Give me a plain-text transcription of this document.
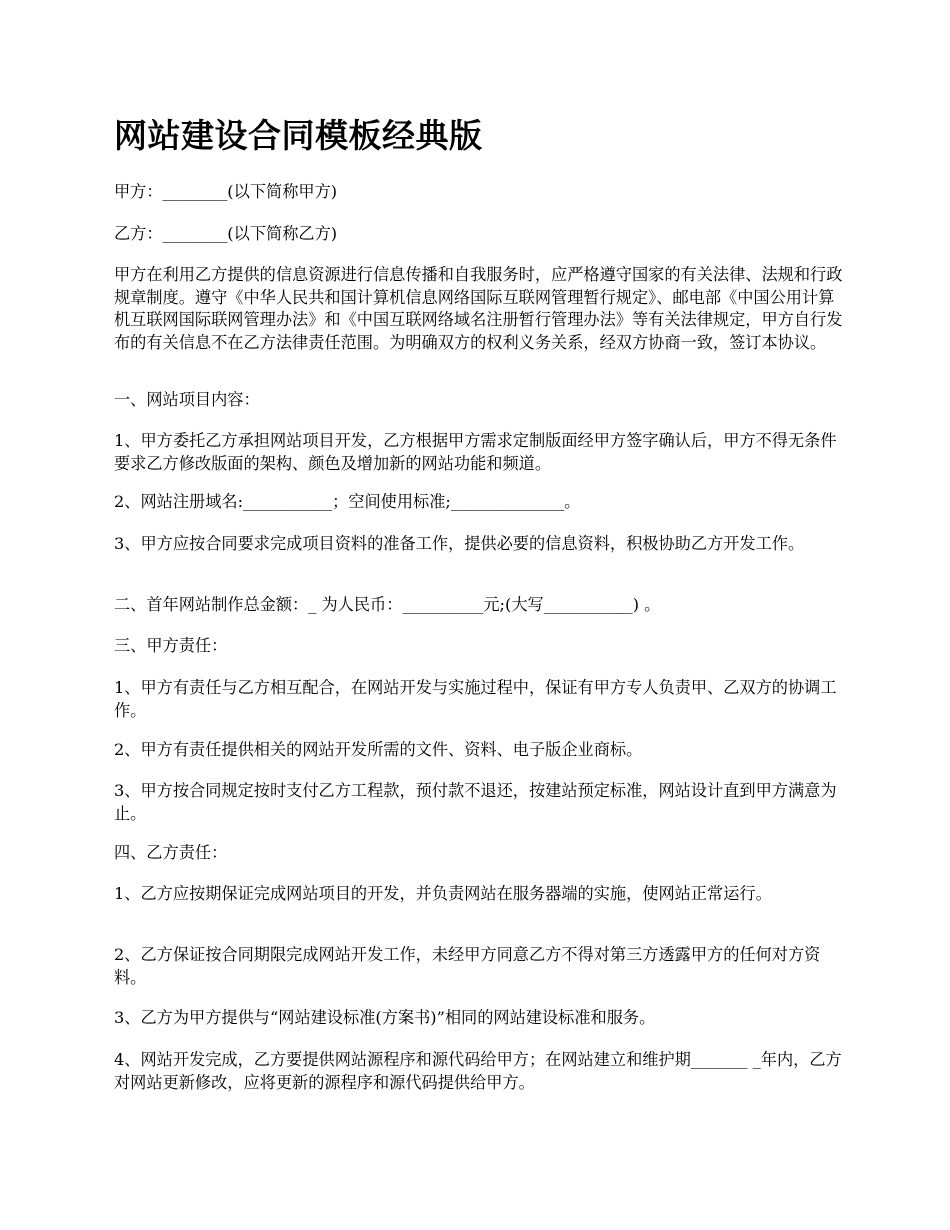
网站建设合同模板经典版

甲方：________(以下简称甲方)

乙方：________(以下简称乙方)

甲方在利用乙方提供的信息资源进行信息传播和自我服务时，应严格遵守国家的有关法律、法规和行政规章制度。遵守《中华人民共和国计算机信息网络国际互联网管理暂行规定》、邮电部《中国公用计算机互联网国际联网管理办法》和《中国互联网络域名注册暂行管理办法》等有关法律规定，甲方自行发布的有关信息不在乙方法律责任范围。为明确双方的权利义务关系，经双方协商一致，签订本协议。

一、网站项目内容：

1、甲方委托乙方承担网站项目开发，乙方根据甲方需求定制版面经甲方签字确认后，甲方不得无条件要求乙方修改版面的架构、颜色及增加新的网站功能和频道。

2、网站注册域名:___________；空间使用标准;______________。

3、甲方应按合同要求完成项目资料的准备工作，提供必要的信息资料，积极协助乙方开发工作。

二、首年网站制作总金额：_ 为人民币：__________元;(大写___________) 。

三、甲方责任：

1、甲方有责任与乙方相互配合，在网站开发与实施过程中，保证有甲方专人负责甲、乙双方的协调工作。

2、甲方有责任提供相关的网站开发所需的文件、资料、电子版企业商标。

3、甲方按合同规定按时支付乙方工程款，预付款不退还，按建站预定标准，网站设计直到甲方满意为止。

四、乙方责任：

1、乙方应按期保证完成网站项目的开发，并负责网站在服务器端的实施，使网站正常运行。

2、乙方保证按合同期限完成网站开发工作，未经甲方同意乙方不得对第三方透露甲方的任何对方资料。

3、乙方为甲方提供与“网站建设标准(方案书)”相同的网站建设标准和服务。

4、网站开发完成，乙方要提供网站源程序和源代码给甲方；在网站建立和维护期_______ _年内，乙方对网站更新修改，应将更新的源程序和源代码提供给甲方。
